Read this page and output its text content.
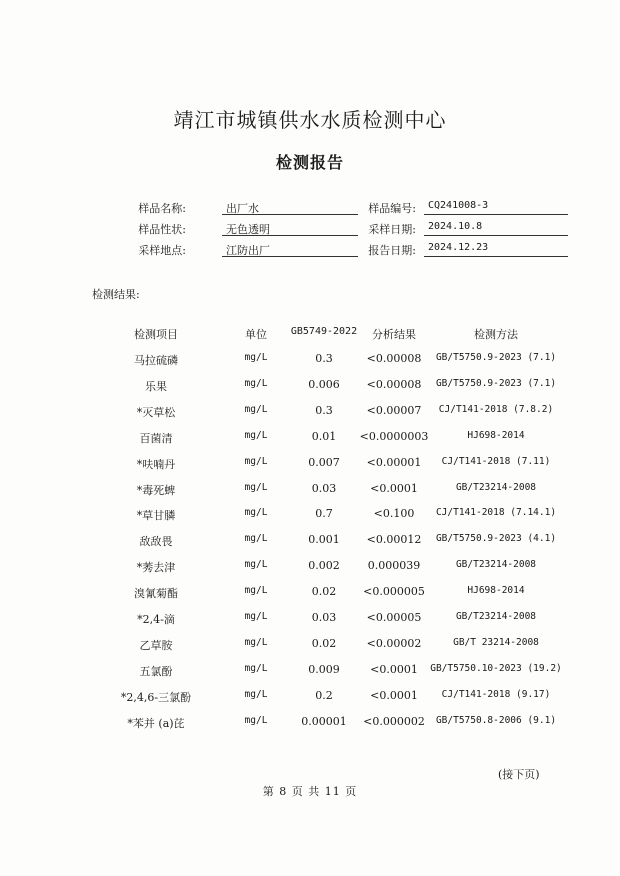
靖江市城镇供水水质检测中心
检测报告
样品名称:	出厂水	样品编号:	CQ241008-3
样品性状:	无色透明	采样日期:	2024.10.8
采样地点:	江防出厂	报告日期:	2024.12.23
检测结果:
检测项目	单位	GB5749-2022	分析结果	检测方法
马拉硫磷	mg/L	0.3	<0.00008	GB/T5750.9-2023 (7.1)
乐果	mg/L	0.006	<0.00008	GB/T5750.9-2023 (7.1)
*灭草松	mg/L	0.3	<0.00007	CJ/T141-2018 (7.8.2)
百菌清	mg/L	0.01	<0.0000003	HJ698-2014
*呋喃丹	mg/L	0.007	<0.00001	CJ/T141-2018 (7.11)
*毒死蜱	mg/L	0.03	<0.0001	GB/T23214-2008
*草甘膦	mg/L	0.7	<0.100	CJ/T141-2018 (7.14.1)
敌敌畏	mg/L	0.001	<0.00012	GB/T5750.9-2023 (4.1)
*莠去津	mg/L	0.002	0.000039	GB/T23214-2008
溴氰菊酯	mg/L	0.02	<0.000005	HJ698-2014
*2,4-滴	mg/L	0.03	<0.00005	GB/T23214-2008
乙草胺	mg/L	0.02	<0.00002	GB/T 23214-2008
五氯酚	mg/L	0.009	<0.0001	GB/T5750.10-2023 (19.2)
*2,4,6-三氯酚	mg/L	0.2	<0.0001	CJ/T141-2018 (9.17)
*苯并 (a)芘	mg/L	0.00001	<0.000002	GB/T5750.8-2006 (9.1)
(接下页)
第 8 页 共 11 页
